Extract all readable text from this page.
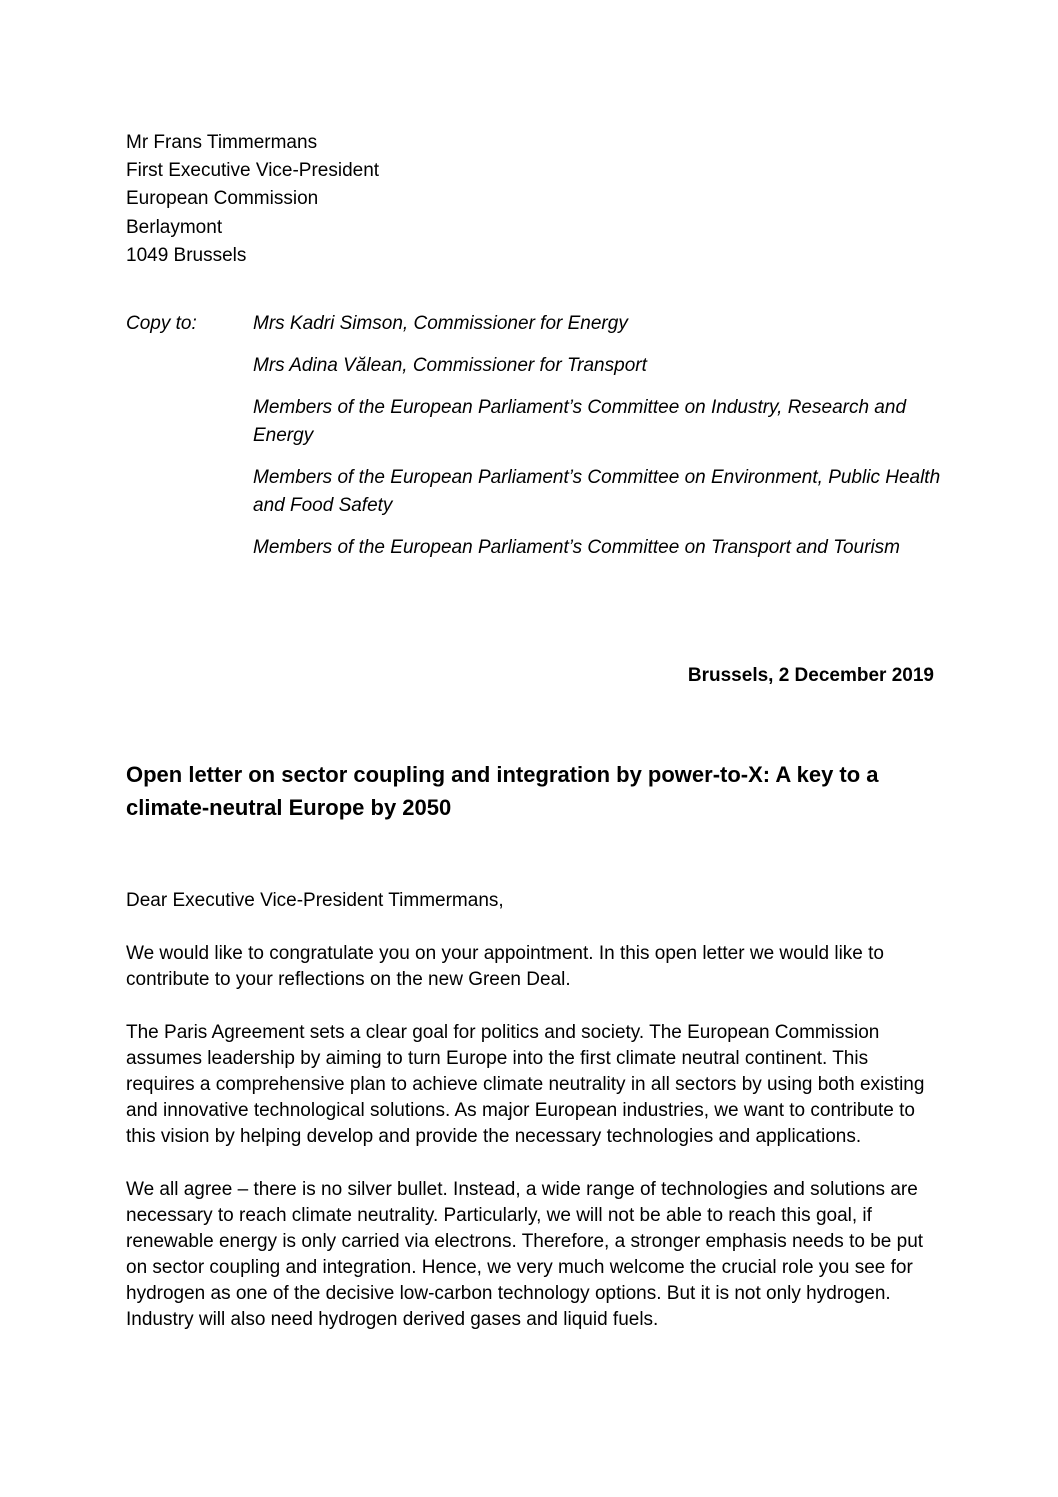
Mr Frans Timmermans
First Executive Vice-President
European Commission
Berlaymont
1049 Brussels
Copy to:	Mrs Kadri Simson, Commissioner for Energy
Mrs Adina Vălean, Commissioner for Transport
Members of the European Parliament’s Committee on Industry, Research and Energy
Members of the European Parliament’s Committee on Environment, Public Health and Food Safety
Members of the European Parliament’s Committee on Transport and Tourism
Brussels, 2 December 2019
Open letter on sector coupling and integration by power-to-X: A key to a climate-neutral Europe by 2050

Dear Executive Vice-President Timmermans,

We would like to congratulate you on your appointment. In this open letter we would like to contribute to your reflections on the new Green Deal.

The Paris Agreement sets a clear goal for politics and society. The European Commission assumes leadership by aiming to turn Europe into the first climate neutral continent. This requires a comprehensive plan to achieve climate neutrality in all sectors by using both existing and innovative technological solutions. As major European industries, we want to contribute to this vision by helping develop and provide the necessary technologies and applications.

We all agree – there is no silver bullet. Instead, a wide range of technologies and solutions are necessary to reach climate neutrality. Particularly, we will not be able to reach this goal, if renewable energy is only carried via electrons. Therefore, a stronger emphasis needs to be put on sector coupling and integration. Hence, we very much welcome the crucial role you see for hydrogen as one of the decisive low-carbon technology options. But it is not only hydrogen. Industry will also need hydrogen derived gases and liquid fuels.
